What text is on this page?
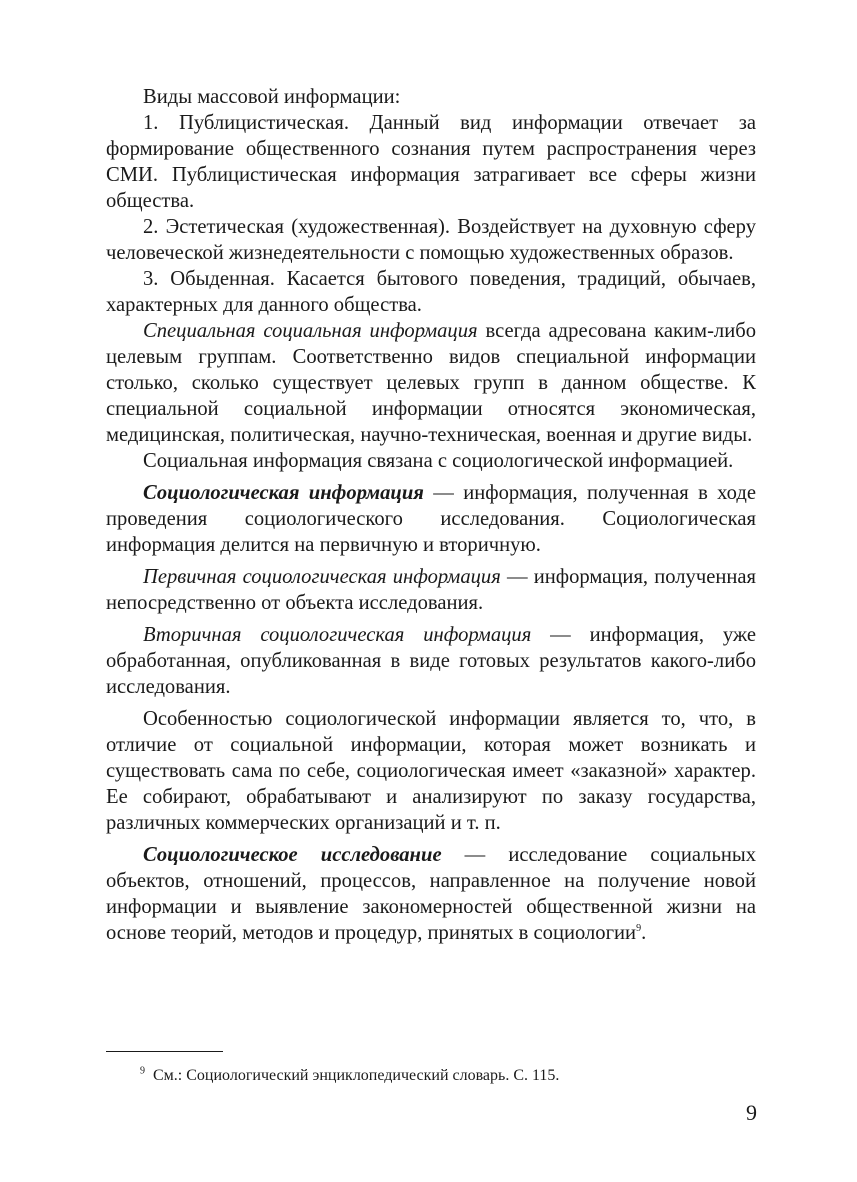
Виды массовой информации:

1. Публицистическая. Данный вид информации отвечает за формирование общественного сознания путем распространения через СМИ. Публицистическая информация затрагивает все сферы жизни общества.

2. Эстетическая (художественная). Воздействует на духовную сферу человеческой жизнедеятельности с помощью художественных образов.

3. Обыденная. Касается бытового поведения, традиций, обычаев, характерных для данного общества.

Специальная социальная информация всегда адресована каким-либо целевым группам. Соответственно видов специальной информации столько, сколько существует целевых групп в данном обществе. К специальной социальной информации относятся экономическая, медицинская, политическая, научно-техническая, военная и другие виды.

Социальная информация связана с социологической информацией.

Социологическая информация — информация, полученная в ходе проведения социологического исследования. Социологическая информация делится на первичную и вторичную.

Первичная социологическая информация — информация, полученная непосредственно от объекта исследования.

Вторичная социологическая информация — информация, уже обработанная, опубликованная в виде готовых результатов какого-либо исследования.

Особенностью социологической информации является то, что, в отличие от социальной информации, которая может возникать и существовать сама по себе, социологическая имеет «заказной» характер. Ее собирают, обрабатывают и анализируют по заказу государства, различных коммерческих организаций и т. п.

Социологическое исследование — исследование социальных объектов, отношений, процессов, направленное на получение новой информации и выявление закономерностей общественной жизни на основе теорий, методов и процедур, принятых в социологии$^9$.

$^9$ См.: Социологический энциклопедический словарь. С. 115.
9
